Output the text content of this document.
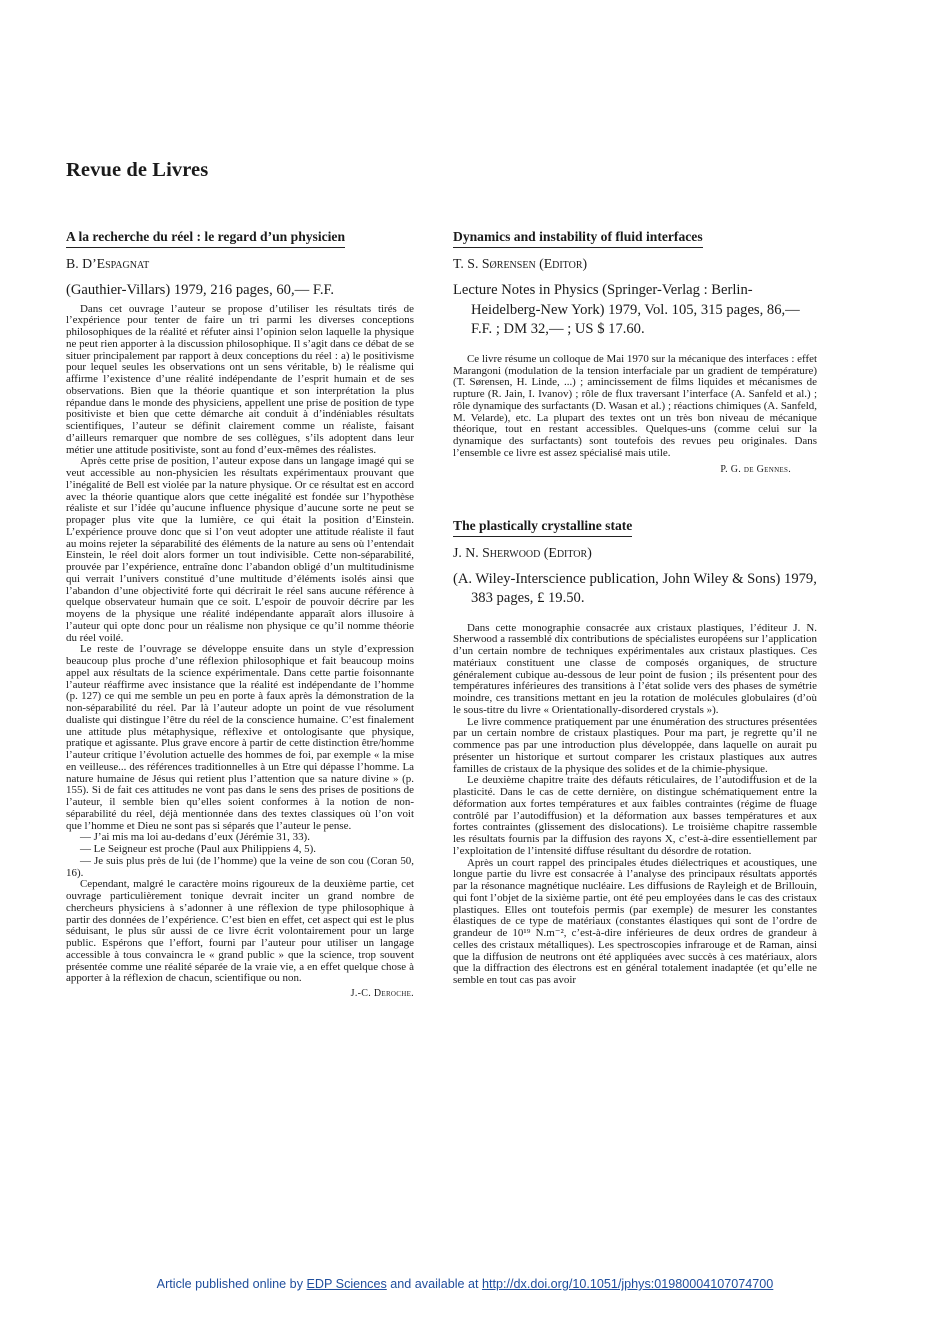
Revue de Livres
A la recherche du réel : le regard d’un physicien
B. D’Espagnat
(Gauthier-Villars) 1979, 216 pages, 60,— F.F.

Dans cet ouvrage l’auteur se propose d’utiliser les résultats tirés de l’expérience pour tenter de faire un tri parmi les diverses conceptions philosophiques de la réalité et réfuter ainsi l’opinion selon laquelle la physique ne peut rien apporter à la discussion philosophique. Il s’agit dans ce débat de se situer principalement par rapport à deux conceptions du réel : a) le positivisme pour lequel seules les observations ont un sens véritable, b) le réalisme qui affirme l’existence d’une réalité indépendante de l’esprit humain et de ses observations. Bien que la théorie quantique et son interprétation la plus répandue dans le monde des physiciens, appellent une prise de position de type positiviste et bien que cette démarche ait conduit à d’indéniables résultats scientifiques, l’auteur se définit clairement comme un réaliste, faisant d’ailleurs remarquer que nombre de ses collègues, s’ils adoptent dans leur métier une attitude positiviste, sont au fond d’eux-mêmes des réalistes.

Après cette prise de position, l’auteur expose dans un langage imagé qui se veut accessible au non-physicien les résultats expérimentaux prouvant que l’inégalité de Bell est violée par la nature physique. Or ce résultat est en accord avec la théorie quantique alors que cette inégalité est fondée sur l’hypothèse réaliste et sur l’idée qu’aucune influence physique d’aucune sorte ne peut se propager plus vite que la lumière, ce qui était la position d’Einstein. L’expérience prouve donc que si l’on veut adopter une attitude réaliste il faut au moins rejeter la séparabilité des éléments de la nature au sens où l’entendait Einstein, le réel doit alors former un tout indivisible. Cette non-séparabilité, prouvée par l’expérience, entraîne donc l’abandon obligé d’un multitudinisme qui verrait l’univers constitué d’une multitude d’éléments isolés ainsi que l’abandon d’une objectivité forte qui décrirait le réel sans aucune référence à quelque observateur humain que ce soit. L’espoir de pouvoir décrire par les moyens de la physique une réalité indépendante apparaît alors illusoire à l’auteur qui opte donc pour un réalisme non physique ce qu’il nomme théorie du réel voilé.

Le reste de l’ouvrage se développe ensuite dans un style d’expression beaucoup plus proche d’une réflexion philosophique et fait beaucoup moins appel aux résultats de la science expérimentale. Dans cette partie foisonnante l’auteur réaffirme avec insistance que la réalité est indépendante de l’homme (p. 127) ce qui me semble un peu en porte à faux après la démonstration de la non-séparabilité du réel. Par là l’auteur adopte un point de vue résolument dualiste qui distingue l’être du réel de la conscience humaine. C’est finalement une attitude plus métaphysique, réflexive et ontologisante que physique, pratique et agissante. Plus grave encore à partir de cette distinction être/homme l’auteur critique l’évolution actuelle des hommes de foi, par exemple « la mise en veilleuse... des références traditionnelles à un Etre qui dépasse l’homme. La nature humaine de Jésus qui retient plus l’attention que sa nature divine » (p. 155). Si de fait ces attitudes ne vont pas dans le sens des prises de positions de l’auteur, il semble bien qu’elles soient conformes à la notion de non-séparabilité du réel, déjà mentionnée dans des textes classiques où l’on voit que l’homme et Dieu ne sont pas si séparés que l’auteur le pense.

— J’ai mis ma loi au-dedans d’eux (Jérémie 31, 33).

— Le Seigneur est proche (Paul aux Philippiens 4, 5).

— Je suis plus près de lui (de l’homme) que la veine de son cou (Coran 50, 16).

Cependant, malgré le caractère moins rigoureux de la deuxième partie, cet ouvrage particulièrement tonique devrait inciter un grand nombre de chercheurs physiciens à s’adonner à une réflexion de type philosophique à partir des données de l’expérience. C’est bien en effet, cet aspect qui est le plus séduisant, le plus sûr aussi de ce livre écrit volontairement pour un large public. Espérons que l’effort, fourni par l’auteur pour utiliser un langage accessible à tous convaincra le « grand public » que la science, trop souvent présentée comme une réalité séparée de la vraie vie, a en effet quelque chose à apporter à la réflexion de chacun, scientifique ou non.

J.-C. Deroche.
Dynamics and instability of fluid interfaces
T. S. Sørensen (Editor)
Lecture Notes in Physics (Springer-Verlag : Berlin-Heidelberg-New York) 1979, Vol. 105, 315 pages, 86,— F.F. ; DM 32,— ; US $ 17.60.

Ce livre résume un colloque de Mai 1970 sur la mécanique des interfaces : effet Marangoni (modulation de la tension interfaciale par un gradient de température) (T. Sørensen, H. Linde, ...) ; amincissement de films liquides et mécanismes de rupture (R. Jain, I. Ivanov) ; rôle de flux traversant l’interface (A. Sanfeld et al.) ; rôle dynamique des surfactants (D. Wasan et al.) ; réactions chimiques (A. Sanfeld, M. Velarde), etc. La plupart des textes ont un très bon niveau de mécanique théorique, tout en restant accessibles. Quelques-uns (comme celui sur la dynamique des surfactants) sont toutefois des revues peu originales. Dans l’ensemble ce livre est assez spécialisé mais utile.

P. G. de Gennes.
The plastically crystalline state
J. N. Sherwood (Editor)
(A. Wiley-Interscience publication, John Wiley & Sons) 1979, 383 pages, £ 19.50.

Dans cette monographie consacrée aux cristaux plastiques, l’éditeur J. N. Sherwood a rassemblé dix contributions de spécialistes européens sur l’application d’un certain nombre de techniques expérimentales aux cristaux plastiques. Ces matériaux constituent une classe de composés organiques, de structure généralement cubique au-dessous de leur point de fusion ; ils présentent pour des températures inférieures des transitions à l’état solide vers des phases de symétrie moindre, ces transitions mettant en jeu la rotation de molécules globulaires (d’où le sous-titre du livre « Orientationally-disordered crystals »).

Le livre commence pratiquement par une énumération des structures présentées par un certain nombre de cristaux plastiques. Pour ma part, je regrette qu’il ne commence pas par une introduction plus développée, dans laquelle on aurait pu présenter un historique et surtout comparer les cristaux plastiques aux autres familles de cristaux de la physique des solides et de la chimie-physique.

Le deuxième chapitre traite des défauts réticulaires, de l’autodiffusion et de la plasticité. Dans le cas de cette dernière, on distingue schématiquement entre la déformation aux fortes températures et aux faibles contraintes (régime de fluage contrôlé par l’autodiffusion) et la déformation aux basses températures et aux fortes contraintes (glissement des dislocations). Le troisième chapitre rassemble les résultats fournis par la diffusion des rayons X, c’est-à-dire essentiellement par l’exploitation de l’intensité diffuse résultant du désordre de rotation.

Après un court rappel des principales études diélectriques et acoustiques, une longue partie du livre est consacrée à l’analyse des principaux résultats apportés par la résonance magnétique nucléaire. Les diffusions de Rayleigh et de Brillouin, qui font l’objet de la sixième partie, ont été peu employées dans le cas des cristaux plastiques. Elles ont toutefois permis (par exemple) de mesurer les constantes élastiques de ce type de matériaux (constantes élastiques qui sont de l’ordre de grandeur de 10¹⁹ N.m⁻², c’est-à-dire inférieures de deux ordres de grandeur à celles des cristaux métalliques). Les spectroscopies infrarouge et de Raman, ainsi que la diffusion de neutrons ont été appliquées avec succès à ces matériaux, alors que la diffraction des électrons est en général totalement inadaptée (et qu’elle ne semble en tout cas pas avoir

Article published online by EDP Sciences and available at http://dx.doi.org/10.1051/jphys:01980004107074700
